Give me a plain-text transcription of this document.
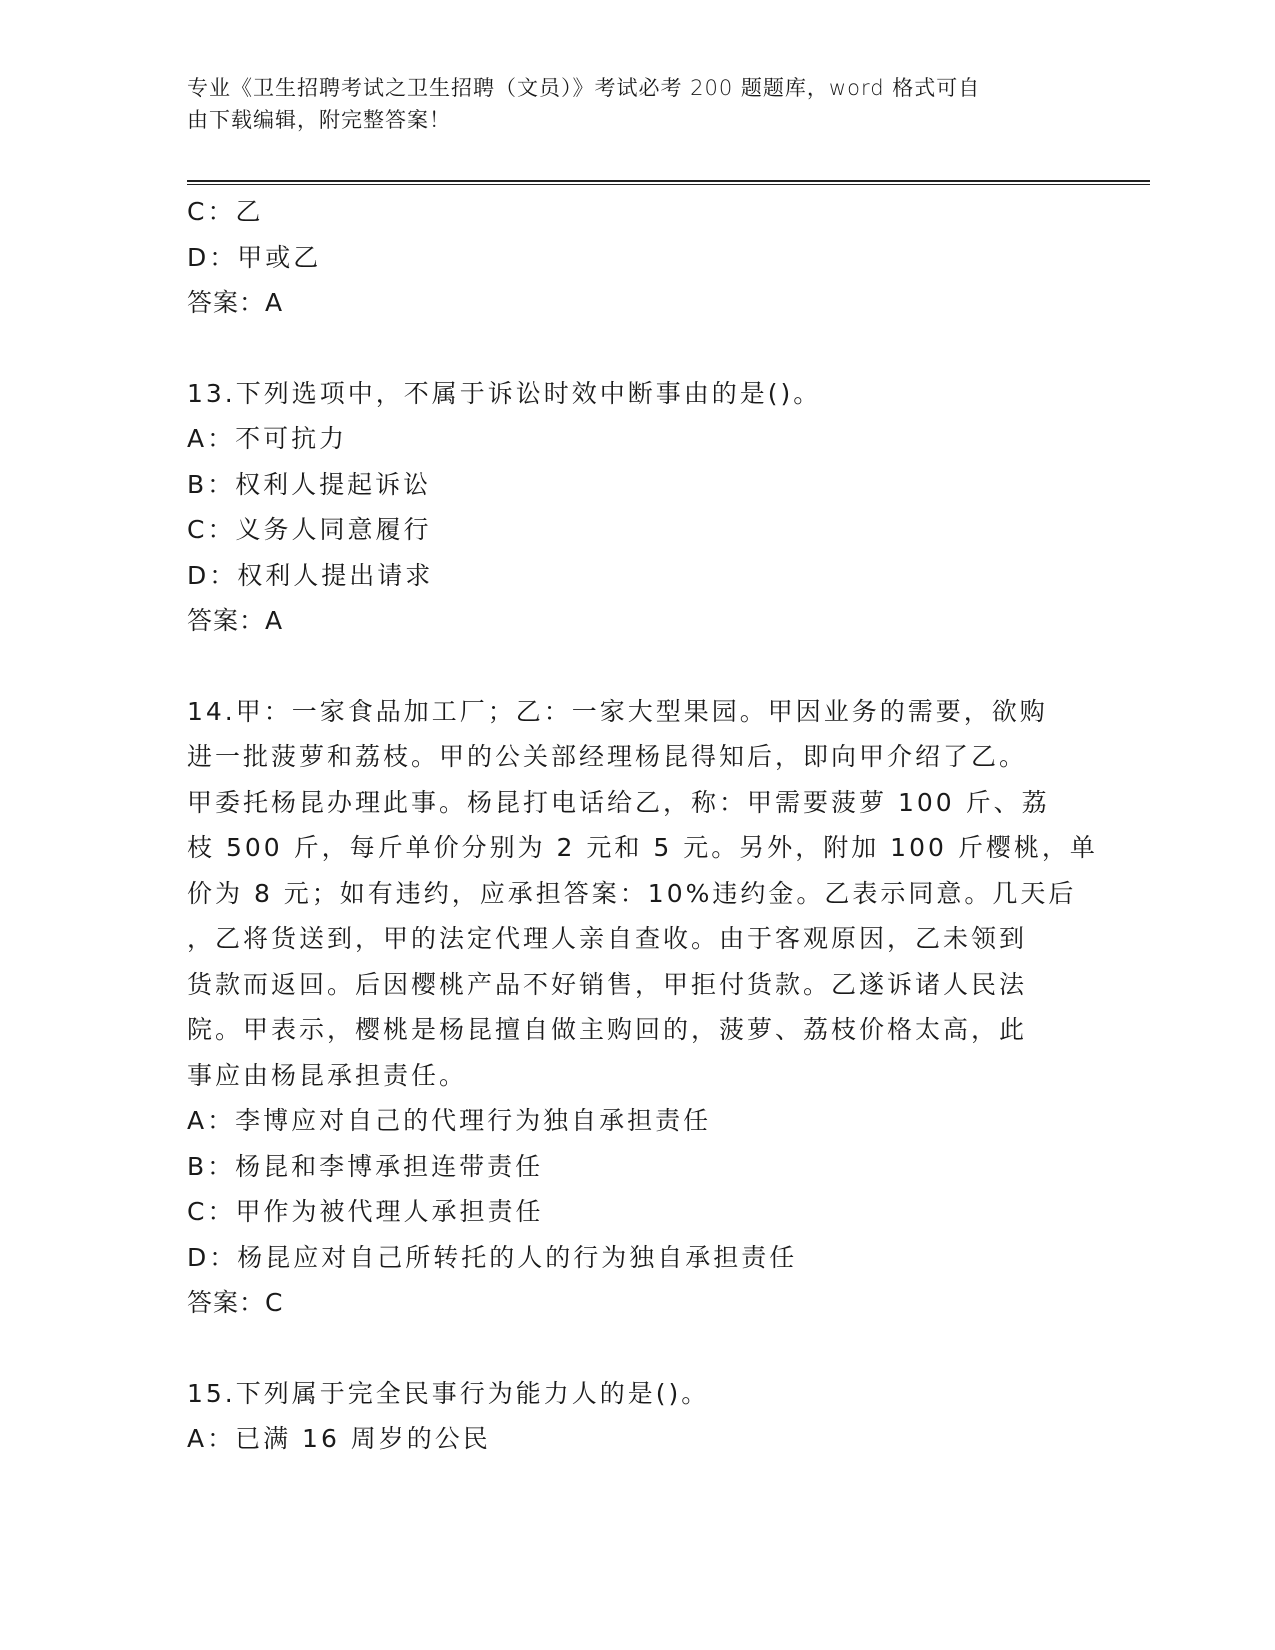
专业《卫生招聘考试之卫生招聘（文员）》考试必考 200 题题库，word 格式可自
由下载编辑，附完整答案！
C：乙
D：甲或乙
答案：A
13.下列选项中，不属于诉讼时效中断事由的是()。
A：不可抗力
B：权利人提起诉讼
C：义务人同意履行
D：权利人提出请求
答案：A
14.甲：一家食品加工厂；乙：一家大型果园。甲因业务的需要，欲购
进一批菠萝和荔枝。甲的公关部经理杨昆得知后，即向甲介绍了乙。
甲委托杨昆办理此事。杨昆打电话给乙，称：甲需要菠萝 100 斤、荔
枝 500 斤，每斤单价分别为 2 元和 5 元。另外，附加 100 斤樱桃，单
价为 8 元；如有违约，应承担答案：10%违约金。乙表示同意。几天后
，乙将货送到，甲的法定代理人亲自查收。由于客观原因，乙未领到
货款而返回。后因樱桃产品不好销售，甲拒付货款。乙遂诉诸人民法
院。甲表示，樱桃是杨昆擅自做主购回的，菠萝、荔枝价格太高，此
事应由杨昆承担责任。
A：李博应对自己的代理行为独自承担责任
B：杨昆和李博承担连带责任
C：甲作为被代理人承担责任
D：杨昆应对自己所转托的人的行为独自承担责任
答案：C
15.下列属于完全民事行为能力人的是()。
A：已满 16 周岁的公民
